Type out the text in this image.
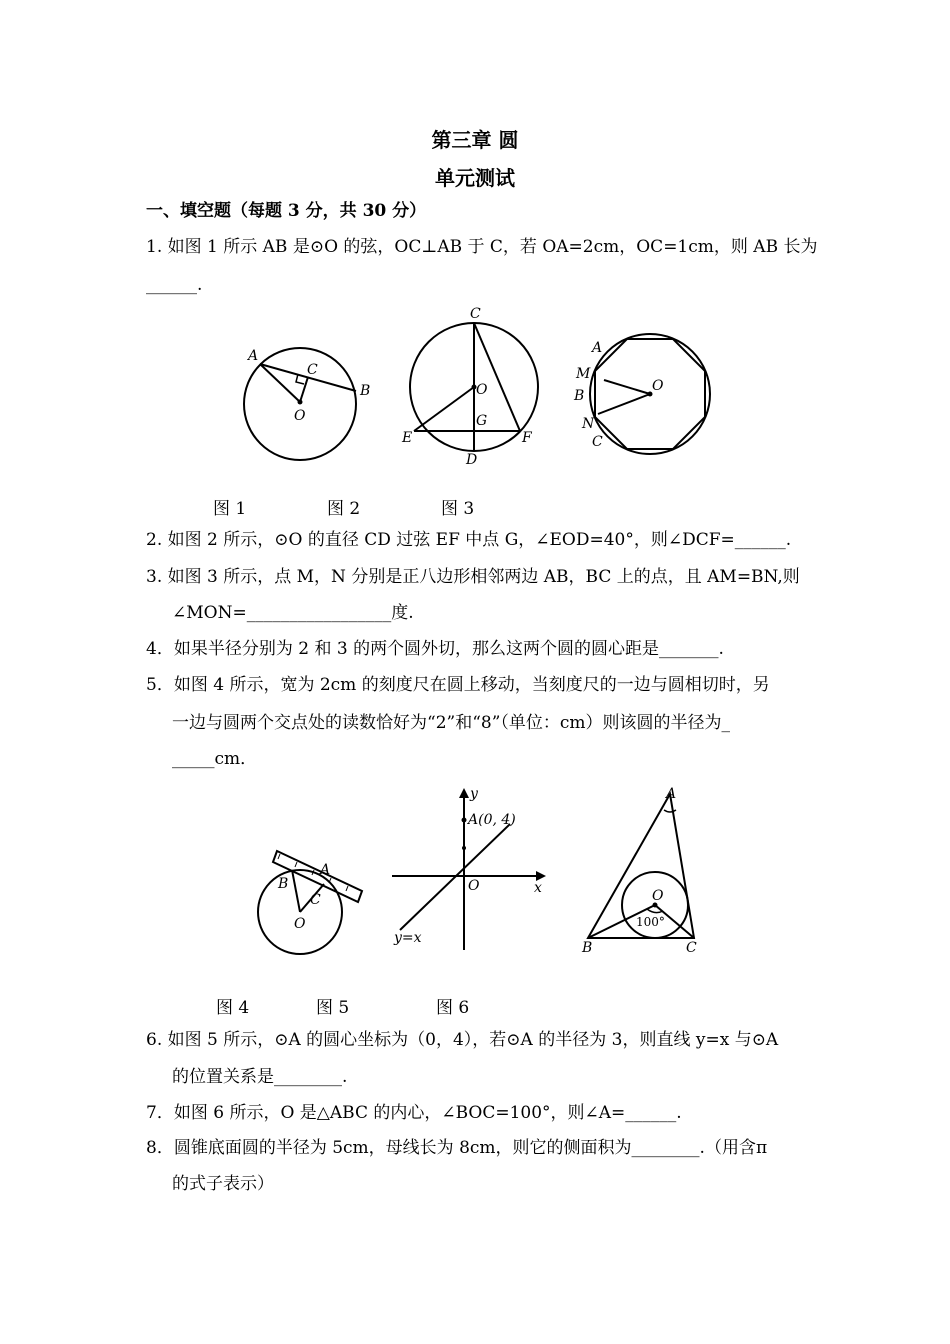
第三章 圆
单元测试
一、填空题（每题 3 分，共 30 分）
1. 如图 1 所示 AB 是⊙O 的弦，OC⊥AB 于 C，若 OA=2cm，OC=1cm，则 AB 长为
______.
A
B
C
O
C
O
G
E	F
D
A
M
B
N
C
O
图 1	图 2	图 3
2. 如图 2 所示，⊙O 的直径 CD 过弦 EF 中点 G，∠EOD=40°，则∠DCF=______.
3. 如图 3 所示，点 M，N 分别是正八边形相邻两边 AB，BC 上的点，且 AM=BN,则
∠MON=_________________度.
4．如果半径分别为 2 和 3 的两个圆外切，那么这两个圆的圆心距是_______.
5．如图 4 所示，宽为 2cm 的刻度尺在圆上移动，当刻度尺的一边与圆相切时，另
一边与圆两个交点处的读数恰好为“2”和“8”（单位：cm）则该圆的半径为_
_____cm．
B
A
C
O
y
x
O
A(0, 4)
y=x
A
O
100°
B	C
图 4	图 5	图 6
6. 如图 5 所示，⊙A 的圆心坐标为（0，4），若⊙A 的半径为 3，则直线 y=x 与⊙A
的位置关系是________.
7．如图 6 所示，O 是△ABC 的内心，∠BOC=100°，则∠A=______.
8．圆锥底面圆的半径为 5cm，母线长为 8cm，则它的侧面积为________.（用含π
的式子表示）
